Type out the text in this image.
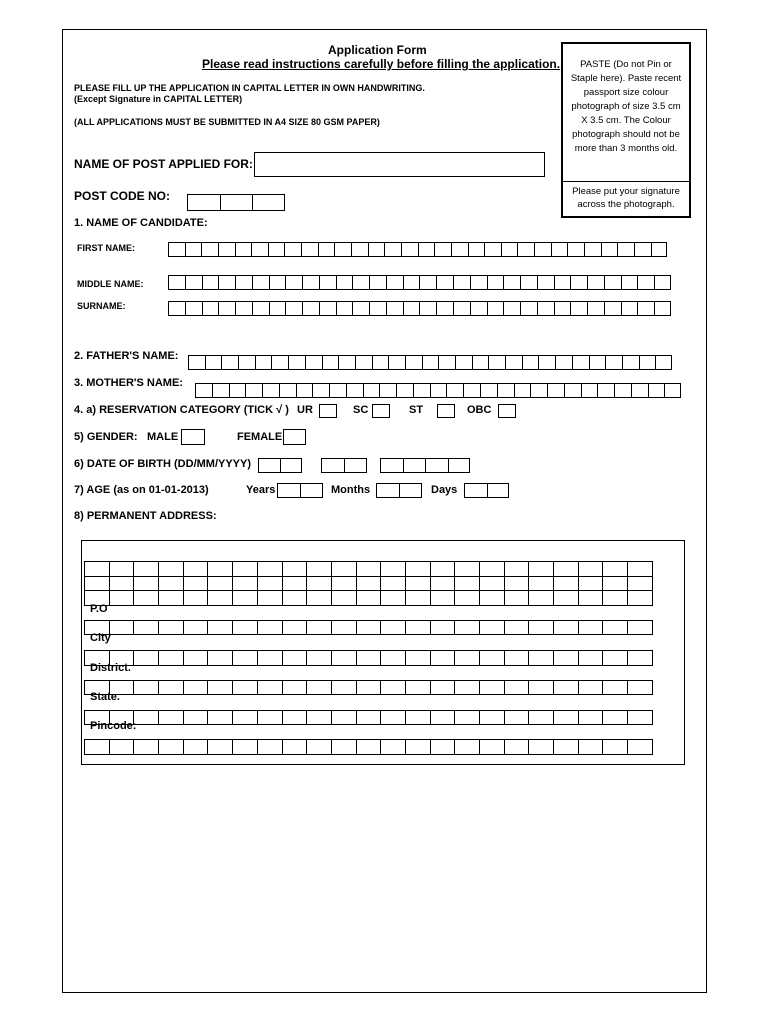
Application Form
Please read instructions carefully before filling the application.
PLEASE FILL UP THE APPLICATION IN CAPITAL LETTER IN OWN HANDWRITING.
(Except Signature in CAPITAL LETTER)
(ALL APPLICATIONS MUST BE SUBMITTED IN A4 SIZE 80 GSM PAPER)
PASTE (Do not Pin or Staple here). Paste recent passport size colour photograph of size 3.5 cm X 3.5 cm. The Colour photograph should not be more than 3 months old.
Please put your signature across the photograph.
NAME OF POST APPLIED FOR:
POST CODE NO:
1. NAME OF CANDIDATE:
FIRST NAME:
MIDDLE NAME:
SURNAME:
2. FATHER'S NAME:
3. MOTHER'S NAME:
4. a) RESERVATION CATEGORY (TICK √ ) UR	SC	ST	OBC
5) GENDER: MALE	FEMALE
6) DATE OF BIRTH (DD/MM/YYYY)
7) AGE (as on 01-01-2013)	Years	Months	Days
8) PERMANENT ADDRESS:

P.O
City
District.
State.
Pincode:
